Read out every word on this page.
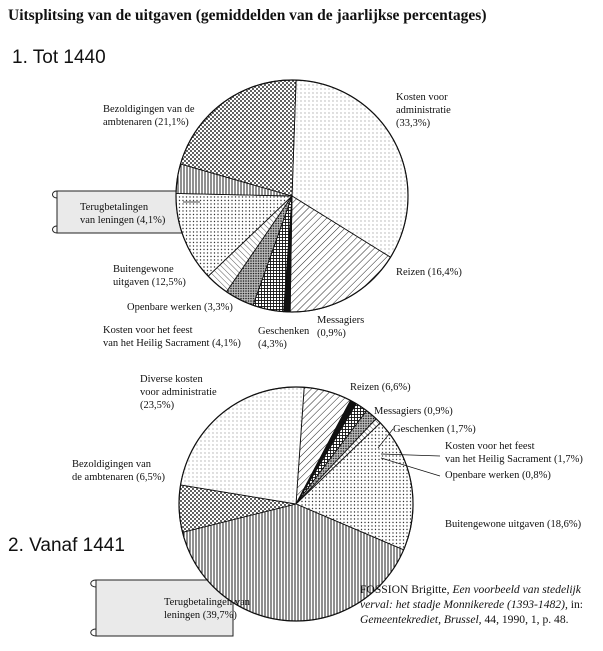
Uitsplitsing van de uitgaven (gemiddelden van de jaarlijkse percentages)
1. Tot 1440
2. Vanaf 1441
Kosten voor administratie (33,3%)
Reizen (16,4%)
Messagiers (0,9%)
Geschenken (4,3%)
Kosten voor het feest van het Heilig Sacrament (4,1%)
Openbare werken (3,3%)
Buitengewone uitgaven (12,5%)
Terugbetalingen van leningen (4,1%)
Bezoldigingen van de ambtenaren (21,1%)
Reizen (6,6%)
Messagiers (0,9%)
Geschenken (1,7%)
Kosten voor het feest van het Heilig Sacrament (1,7%)
Openbare werken (0,8%)
Buitengewone uitgaven (18,6%)
Terugbetalingen van leningen (39,7%)
Bezoldigingen van de ambtenaren (6,5%)
Diverse kosten voor administratie (23,5%)

FOSSION Brigitte, Een voorbeeld van stedelijk verval: het stadje Monnikerede (1393-1482), in: Gemeentekrediet, Brussel, 44, 1990, 1, p. 48.
